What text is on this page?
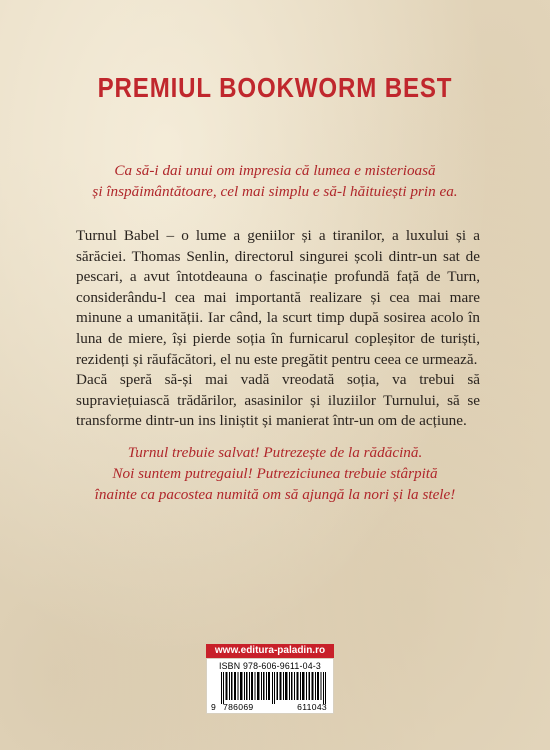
PREMIUL BOOKWORM BEST
Ca să-i dai unui om impresia că lumea e misterioasă
și înspăimântătoare, cel mai simplu e să-l hăituiești prin ea.

Turnul Babel – o lume a geniilor și a tiranilor, a luxului și a sărăciei. Thomas Senlin, directorul singurei școli dintr-un sat de pescari, a avut întotdeauna o fascinație profundă față de Turn, considerându-l cea mai importantă realizare și cea mai mare minune a umanității. Iar când, la scurt timp după sosirea acolo în luna de miere, își pierde soția în furnicarul copleșitor de turiști, rezidenți și răufăcători, el nu este pregătit pentru ceea ce urmează.

Dacă speră să-și mai vadă vreodată soția, va trebui să supraviețuiască trădărilor, asasinilor și iluziilor Turnului, să se transforme dintr-un ins liniștit și manierat într-un om de acțiune.

Turnul trebuie salvat! Putrezește de la rădăcină.
Noi suntem putregaiul! Putreziciunea trebuie stârpită
înainte ca pacostea numită om să ajungă la nori și la stele!
www.editura-paladin.ro
ISBN 978-606-9611-04-3
9 786069	611043
